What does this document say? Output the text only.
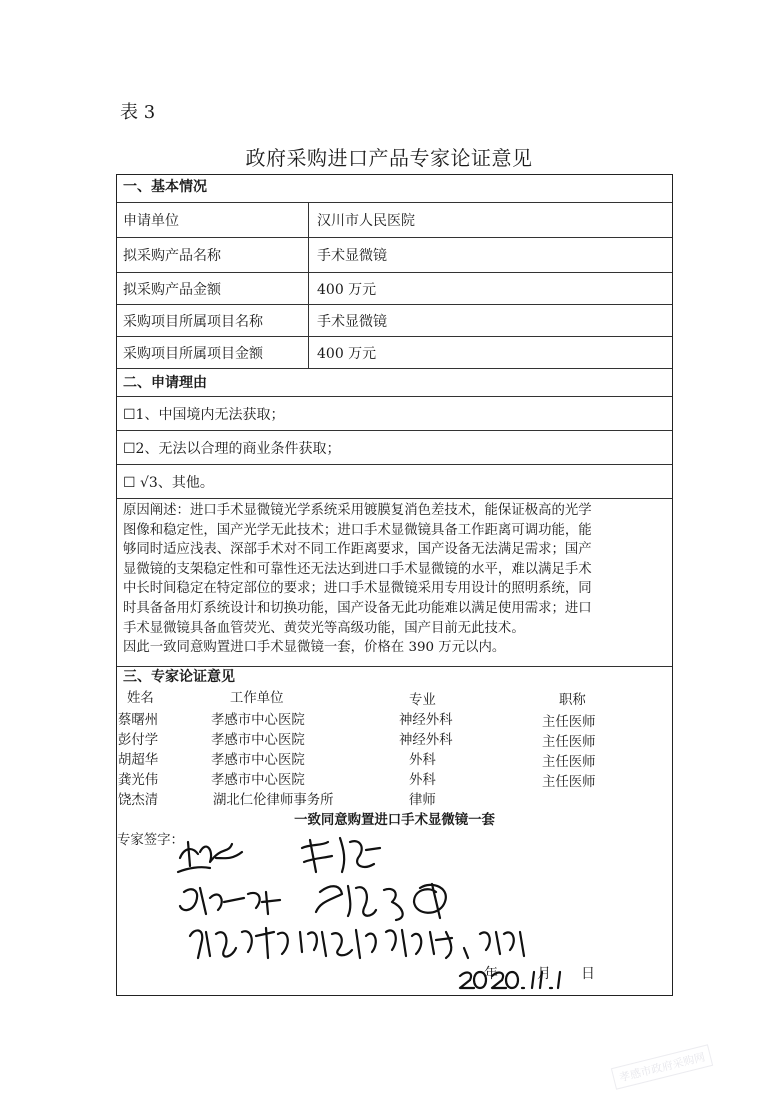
表 3
政府采购进口产品专家论证意见
一、基本情况
申请单位	汉川市人民医院
拟采购产品名称	手术显微镜
拟采购产品金额	400 万元
采购项目所属项目名称	手术显微镜
采购项目所属项目金额	400 万元
二、申请理由
☐1、中国境内无法获取；
☐2、无法以合理的商业条件获取；
☐ √3、其他。

原因阐述：进口手术显微镜光学系统采用镀膜复消色差技术，能保证极高的光学

图像和稳定性，国产光学无此技术；进口手术显微镜具备工作距离可调功能，能

够同时适应浅表、深部手术对不同工作距离要求，国产设备无法满足需求；国产

显微镜的支架稳定性和可靠性还无法达到进口手术显微镜的水平，难以满足手术

中长时间稳定在特定部位的要求；进口手术显微镜采用专用设计的照明系统，同

时具备备用灯系统设计和切换功能，国产设备无此功能难以满足使用需求；进口

手术显微镜具备血管荧光、黄荧光等高级功能，国产目前无此技术。

因此一致同意购置进口手术显微镜一套，价格在 390 万元以内。

三、专家论证意见
姓名	工作单位	专业	职称
蔡曙州	孝感市中心医院	神经外科	主任医师
彭付学	孝感市中心医院	神经外科	主任医师
胡超华	孝感市中心医院	外科	主任医师
龚光伟	孝感市中心医院	外科	主任医师
饶杰清	湖北仁伦律师事务所	律师
一致同意购置进口手术显微镜一套
专家签字：
年	月 日
孝感市政府采购网
